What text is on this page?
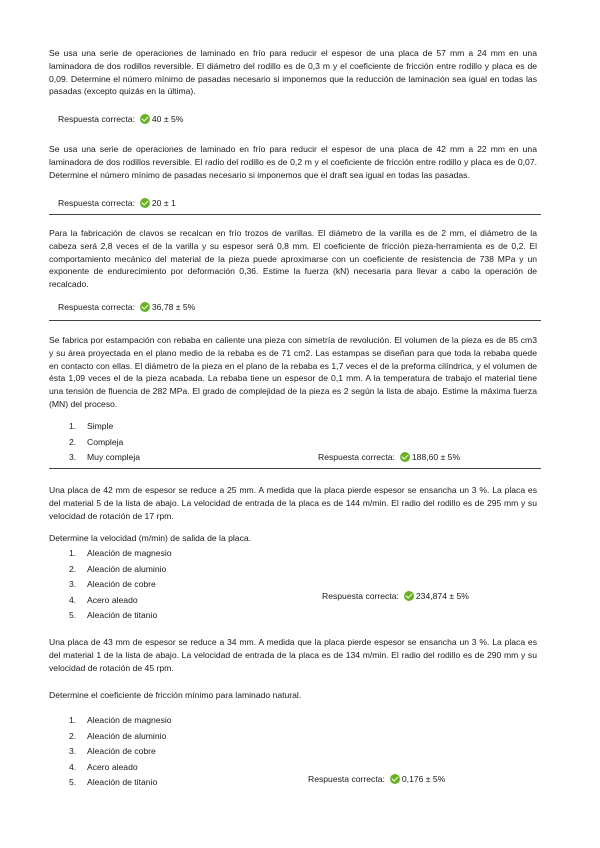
Se usa una serie de operaciones de laminado en frío para reducir el espesor de una placa de 57 mm a 24 mm en una laminadora de dos rodillos reversible. El diámetro del rodillo es de 0,3 m y el coeficiente de fricción entre rodillo y placa es de 0,09. Determine el número mínimo de pasadas necesario si imponemos que la reducción de laminación sea igual en todas las pasadas (excepto quizás en la última).
Respuesta correcta: 40 ± 5%
Se usa una serie de operaciones de laminado en frío para reducir el espesor de una placa de 42 mm a 22 mm en una laminadora de dos rodillos reversible. El radio del rodillo es de 0,2 m y el coeficiente de fricción entre rodillo y placa es de 0,07. Determine el número mínimo de pasadas necesario si imponemos que el draft sea igual en todas las pasadas.
Respuesta correcta: 20 ± 1
Para la fabricación de clavos se recalcan en frío trozos de varillas. El diámetro de la varilla es de 2 mm, el diámetro de la cabeza será 2,8 veces el de la varilla y su espesor será 0,8 mm. El coeficiente de fricción pieza-herramienta es de 0,2. El comportamiento mecánico del material de la pieza puede aproximarse con un coeficiente de resistencia de 738 MPa y un exponente de endurecimiento por deformación 0,36. Estime la fuerza (kN) necesaria para llevar a cabo la operación de recalcado.
Respuesta correcta: 36,78 ± 5%
Se fabrica por estampación con rebaba en caliente una pieza con simetría de revolución. El volumen de la pieza es de 85 cm3 y su área proyectada en el plano medio de la rebaba es de 71 cm2. Las estampas se diseñan para que toda la rebaba quede en contacto con ellas. El diámetro de la pieza en el plano de la rebaba es 1,7 veces el de la preforma cilíndrica, y el volumen de ésta 1,09 veces el de la pieza acabada. La rebaba tiene un espesor de 0,1 mm. A la temperatura de trabajo el material tiene una tensión de fluencia de 282 MPa. El grado de complejidad de la pieza es 2 según la lista de abajo. Estime la máxima fuerza (MN) del proceso.
1. Simple
2. Compleja
3. Muy compleja	Respuesta correcta: 188,60 ± 5%
Una placa de 42 mm de espesor se reduce a 25 mm. A medida que la placa pierde espesor se ensancha un 3 %. La placa es del material 5 de la lista de abajo. La velocidad de entrada de la placa es de 144 m/min. El radio del rodillo es de 295 mm y su velocidad de rotación de 17 rpm.
Determine la velocidad (m/min) de salida de la placa.
1. Aleación de magnesio
2. Aleación de aluminio
3. Aleación de cobre
4. Acero aleado
5. Aleación de titanio
Respuesta correcta: 234,874 ± 5%
Una placa de 43 mm de espesor se reduce a 34 mm. A medida que la placa pierde espesor se ensancha un 3 %. La placa es del material 1 de la lista de abajo. La velocidad de entrada de la placa es de 134 m/min. El radio del rodillo es de 290 mm y su velocidad de rotación de 45 rpm.
Determine el coeficiente de fricción mínimo para laminado natural.
1. Aleación de magnesio
2. Aleación de aluminio
3. Aleación de cobre
4. Acero aleado
5. Aleación de titanio	Respuesta correcta: 0,176 ± 5%
